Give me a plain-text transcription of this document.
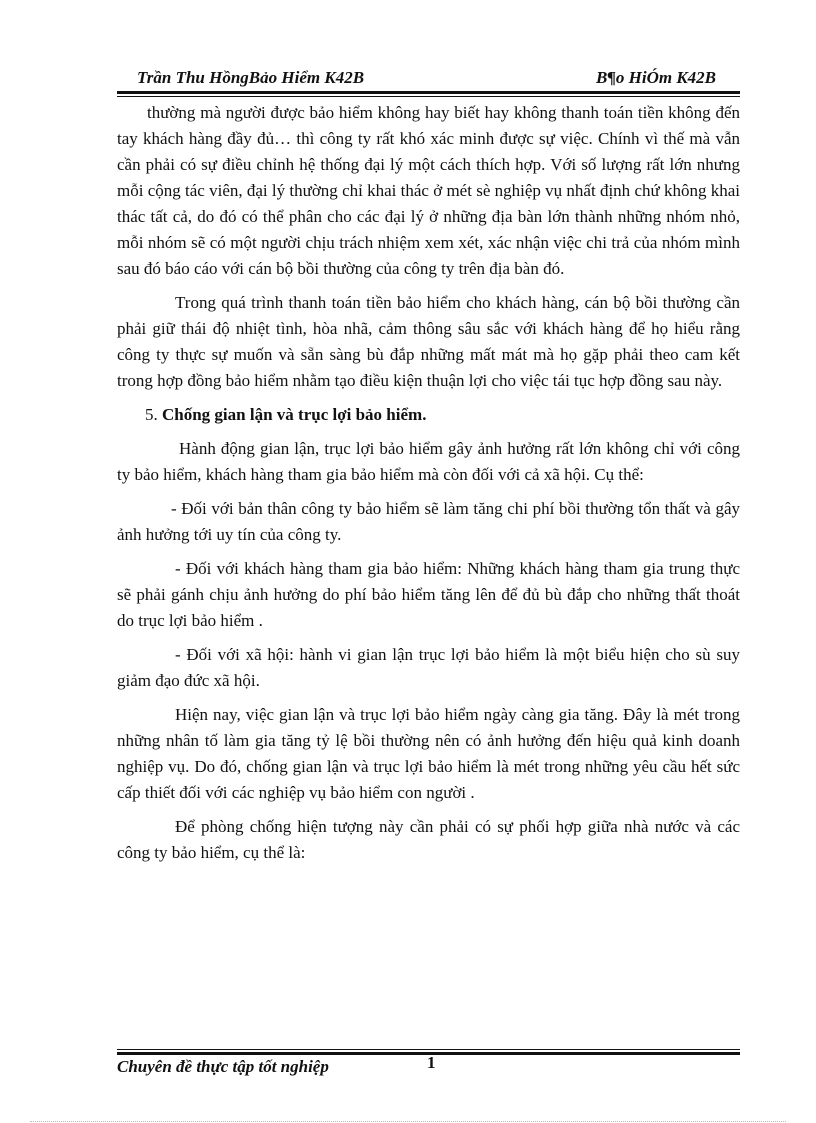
Trần Thu HồngBảo Hiểm K42B	B¶o HiÓm K42B

thường mà người được bảo hiểm không hay biết hay không thanh toán tiền không đến tay khách hàng đầy đủ… thì công ty rất khó xác minh được sự việc. Chính vì thế mà vẫn cần phải có sự điều chỉnh hệ thống đại lý một cách thích hợp. Với số lượng rất lớn nhưng mỗi cộng tác viên, đại lý thường chỉ khai thác ở mét sè nghiệp vụ nhất định chứ không khai thác tất cả, do đó có thể phân cho các đại lý ở những địa bàn lớn thành những nhóm nhỏ, mỗi nhóm sẽ có một người chịu trách nhiệm xem xét, xác nhận việc chi trả của nhóm mình sau đó báo cáo với cán bộ bồi thường của công ty trên địa bàn đó.

Trong quá trình thanh toán tiền bảo hiểm cho khách hàng, cán bộ bồi thường cần phải giữ thái độ nhiệt tình, hòa nhã, cảm thông sâu sắc với khách hàng để họ hiểu rằng công ty thực sự muốn và sẵn sàng bù đắp những mất mát mà họ gặp phải theo cam kết trong hợp đồng bảo hiểm nhằm tạo điều kiện thuận lợi cho việc tái tục hợp đồng sau này.

5. Chống gian lận và trục lợi bảo hiểm.

Hành động gian lận, trục lợi bảo hiểm gây ảnh hưởng rất lớn không chỉ với công ty bảo hiểm, khách hàng tham gia bảo hiểm mà còn đối với cả xã hội. Cụ thể:

- Đối với bản thân công ty bảo hiểm sẽ làm tăng chi phí bồi thường tổn thất và gây ảnh hưởng tới uy tín của công ty.

- Đối với khách hàng tham gia bảo hiểm: Những khách hàng tham gia trung thực sẽ phải gánh chịu ảnh hưởng do phí bảo hiểm tăng lên để đủ bù đắp cho những thất thoát do trục lợi bảo hiểm .

- Đối với xã hội: hành vi gian lận trục lợi bảo hiểm là một biểu hiện cho sù suy giảm đạo đức xã hội.

Hiện nay, việc gian lận và trục lợi bảo hiểm ngày càng gia tăng. Đây là mét trong những nhân tố làm gia tăng tỷ lệ bồi thường nên có ảnh hưởng đến hiệu quả kinh doanh nghiệp vụ. Do đó, chống gian lận và trục lợi bảo hiểm là mét trong những yêu cầu hết sức cấp thiết đối với các nghiệp vụ bảo hiểm con người .

Để phòng chống hiện tượng này cần phải có sự phối hợp giữa nhà nước và các công ty bảo hiểm, cụ thể là:

Chuyên đề thực tập tốt nghiệp	1
